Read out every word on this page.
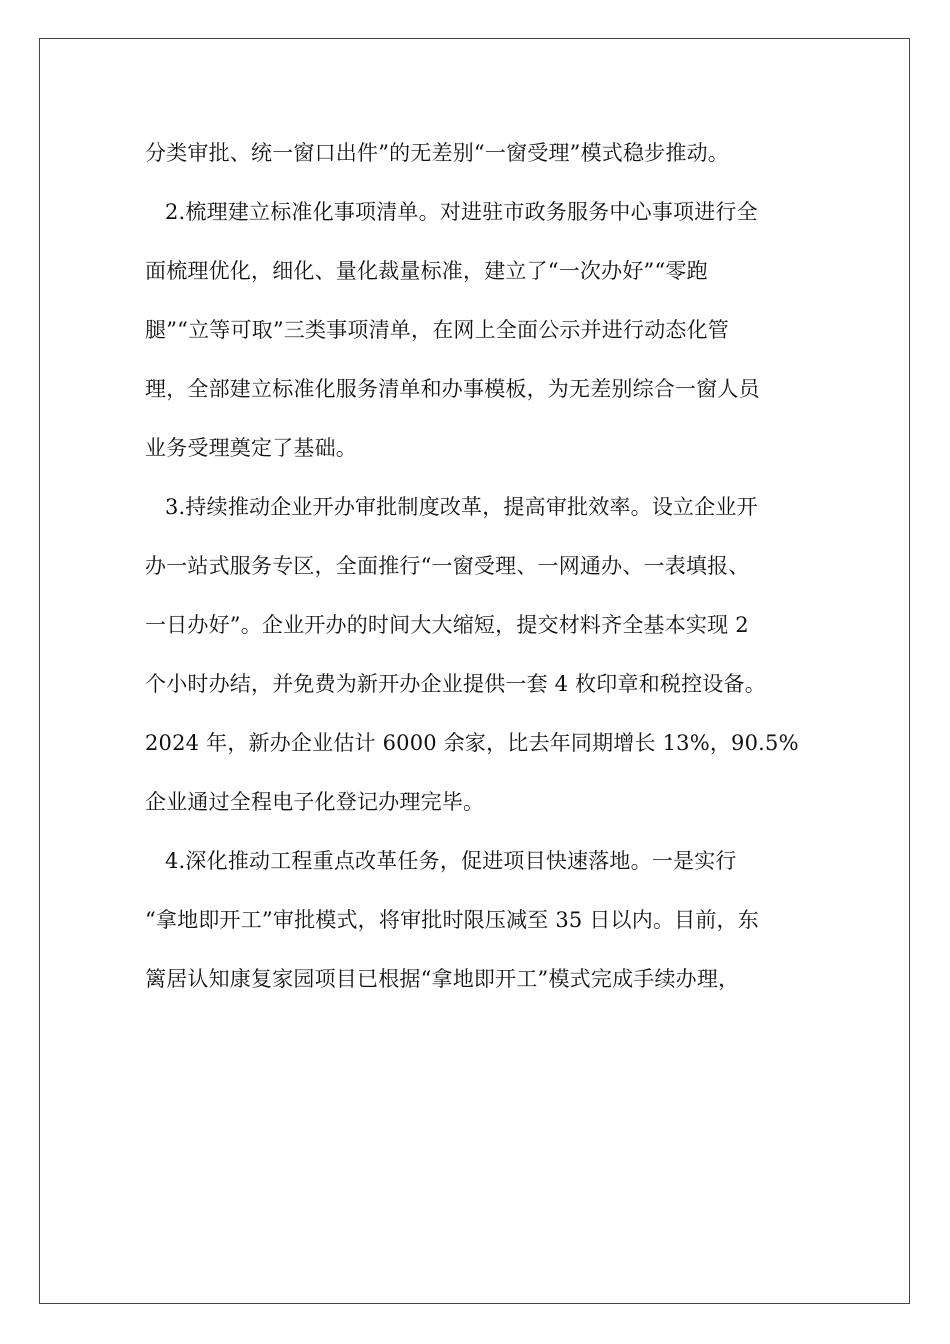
分类审批、统一窗口出件”的无差别“一窗受理”模式稳步推动。
2.梳理建立标准化事项清单。对进驻市政务服务中心事项进行全
面梳理优化，细化、量化裁量标准，建立了“一次办好”“零跑
腿”“立等可取”三类事项清单，在网上全面公示并进行动态化管
理，全部建立标准化服务清单和办事模板，为无差别综合一窗人员
业务受理奠定了基础。
3.持续推动企业开办审批制度改革，提高审批效率。设立企业开
办一站式服务专区，全面推行“一窗受理、一网通办、一表填报、
一日办好”。企业开办的时间大大缩短，提交材料齐全基本实现 2
个小时办结，并免费为新开办企业提供一套 4 枚印章和税控设备。
2024 年，新办企业估计 6000 余家，比去年同期增长 13%，90.5%
企业通过全程电子化登记办理完毕。
4.深化推动工程重点改革任务，促进项目快速落地。一是实行
“拿地即开工”审批模式，将审批时限压减至 35 日以内。目前，东
篱居认知康复家园项目已根据“拿地即开工”模式完成手续办理，
